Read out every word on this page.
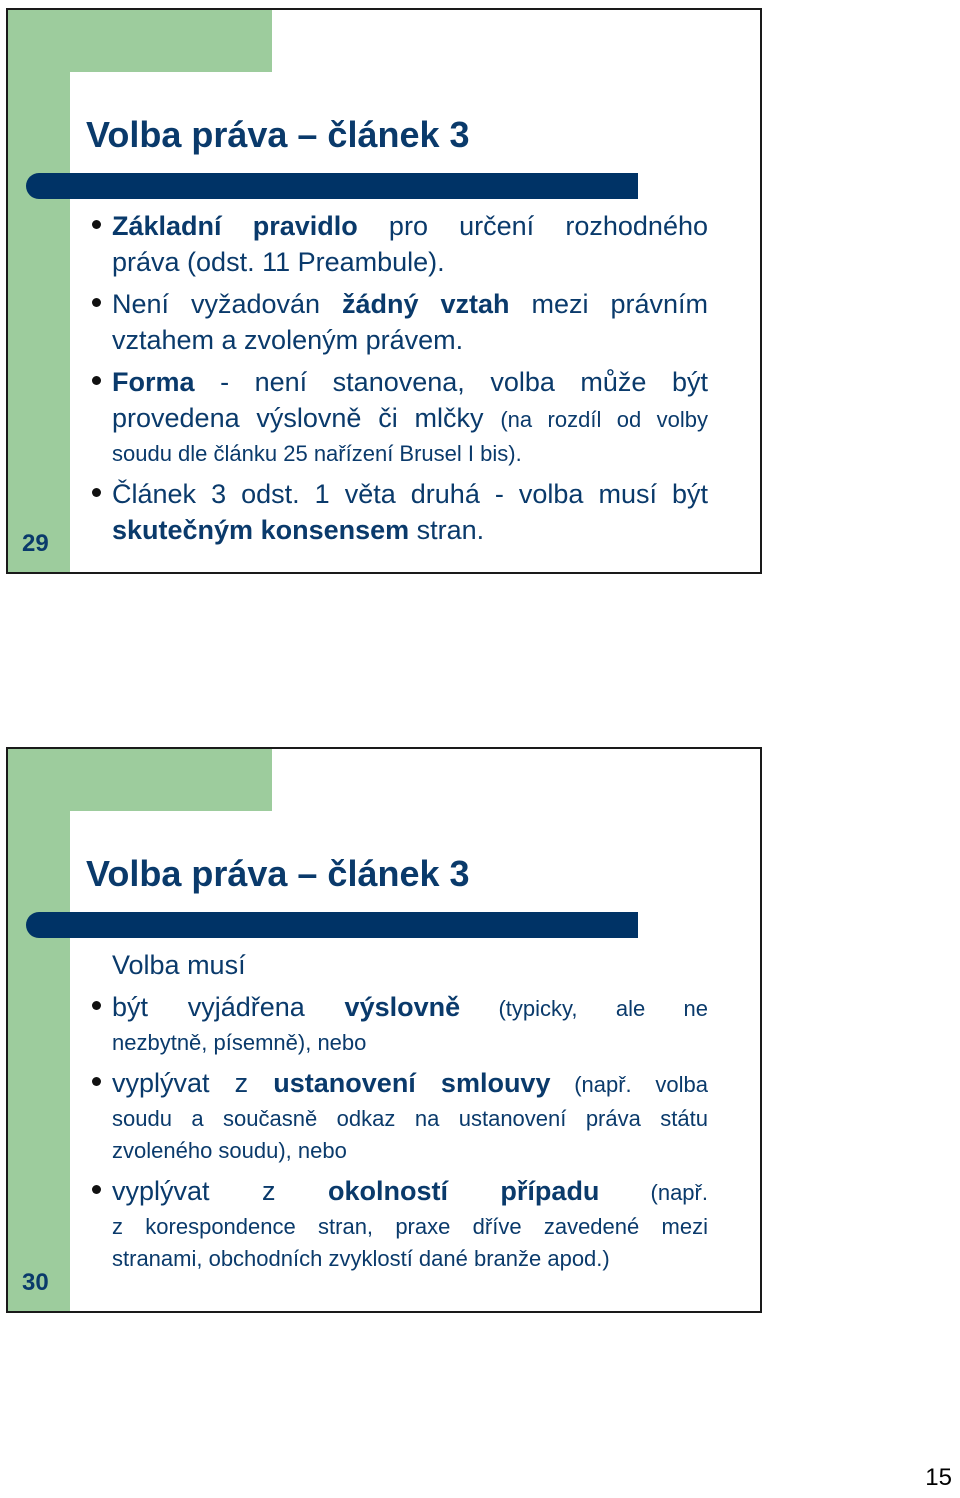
Volba práva – článek 3
Základní pravidlo pro určení rozhodného
práva (odst. 11 Preambule).
Není vyžadován žádný vztah mezi právním
vztahem a zvoleným právem.
Forma - není stanovena, volba může být
provedena výslovně či mlčky (na rozdíl od volby
soudu dle článku 25 nařízení Brusel I bis).
Článek 3 odst. 1 věta druhá - volba musí být
skutečným konsensem stran.
29
Volba práva – článek 3
Volba musí
být vyjádřena výslovně (typicky, ale ne
nezbytně, písemně), nebo
vyplývat z ustanovení smlouvy (např. volba
soudu a současně odkaz na ustanovení práva státu
zvoleného soudu), nebo
vyplývat z okolností případu (např.
z korespondence stran, praxe dříve zavedené mezi
stranami, obchodních zvyklostí dané branže apod.)
30
15
